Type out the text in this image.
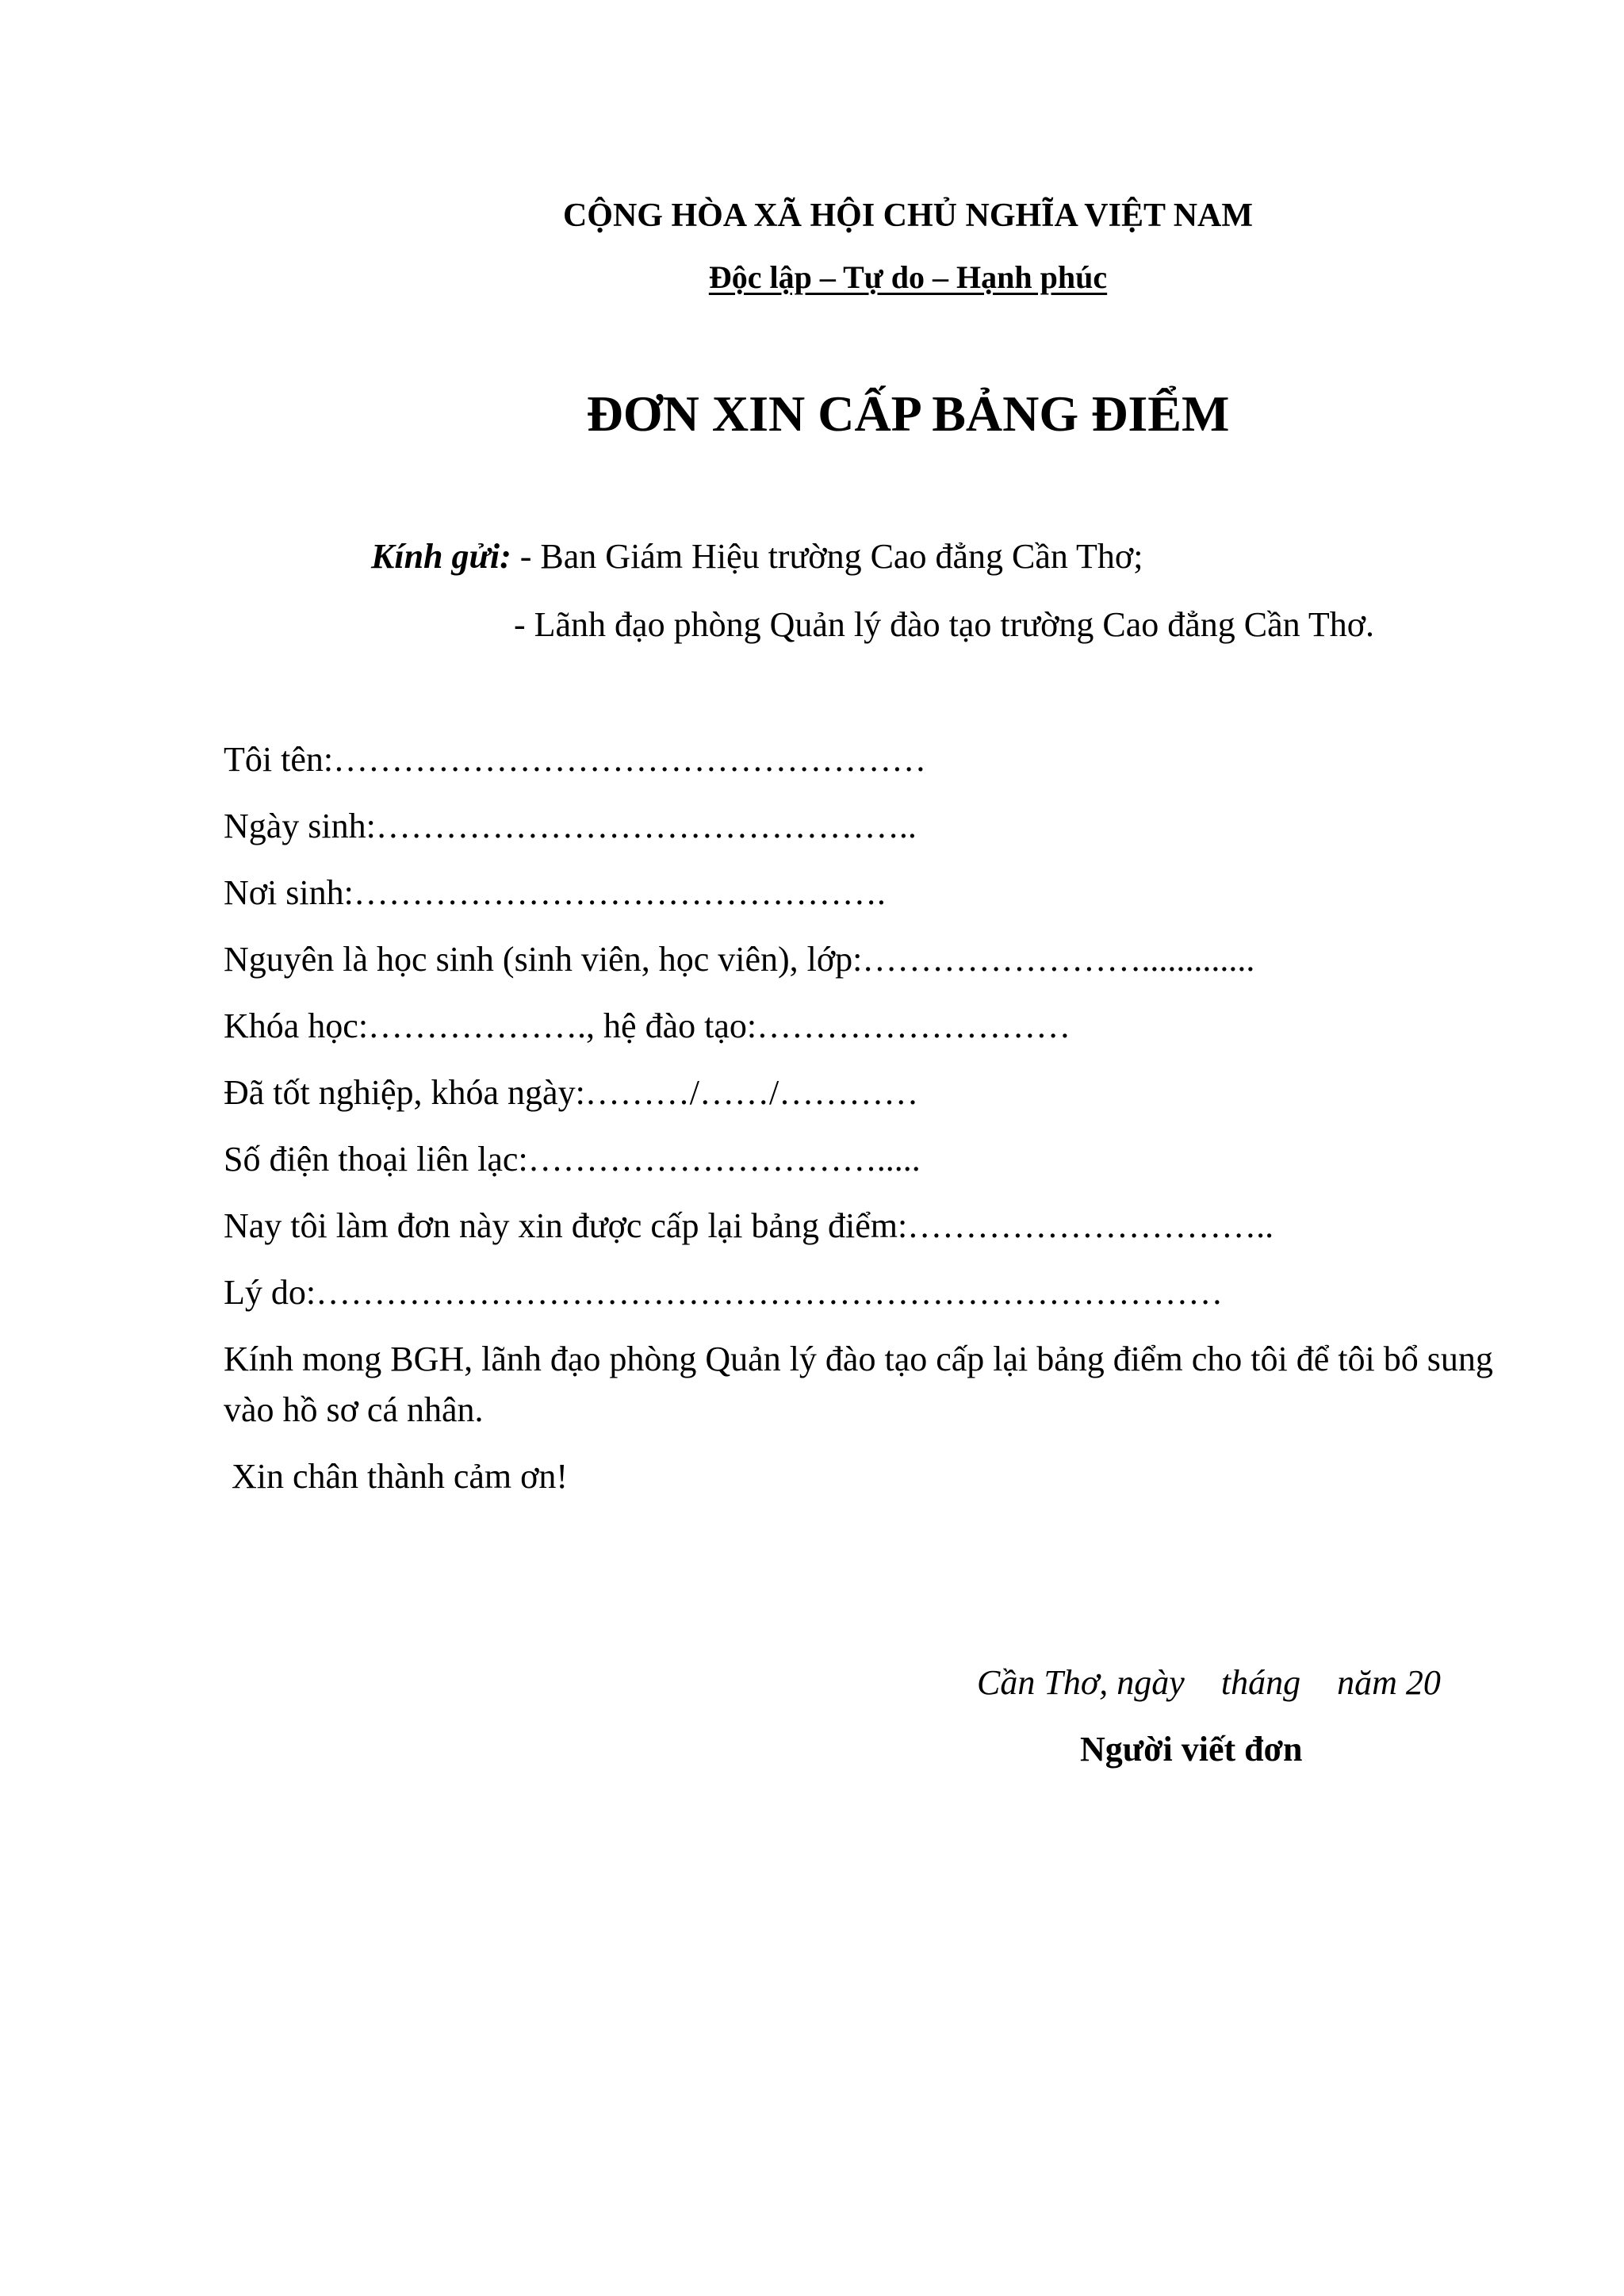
CỘNG HÒA XÃ HỘI CHỦ NGHĨA VIỆT NAM
Độc lập – Tự do – Hạnh phúc
ĐƠN XIN CẤP BẢNG ĐIỂM
Kính gửi: - Ban Giám Hiệu trường Cao đẳng Cần Thơ;
- Lãnh đạo phòng Quản lý đào tạo trường Cao đẳng Cần Thơ.
Tôi tên:……………………………………………
Ngày sinh:………………………………………..
Nơi sinh:……………………………………….
Nguyên là học sinh (sinh viên, học viên), lớp:…………………….............
Khóa học:………………., hệ đào tạo:………………………
Đã tốt nghiệp, khóa ngày:………/……/…………
Số điện thoại liên lạc:………………………….....
Nay tôi làm đơn này xin được cấp lại bảng điểm:…………………………..
Lý do:……………………………………………………………………
Kính mong BGH, lãnh đạo phòng Quản lý đào tạo cấp lại bảng điểm cho tôi để tôi bổ sung vào hồ sơ cá nhân.
Xin chân thành cảm ơn!
Cần Thơ, ngày tháng năm 20
Người viết đơn
